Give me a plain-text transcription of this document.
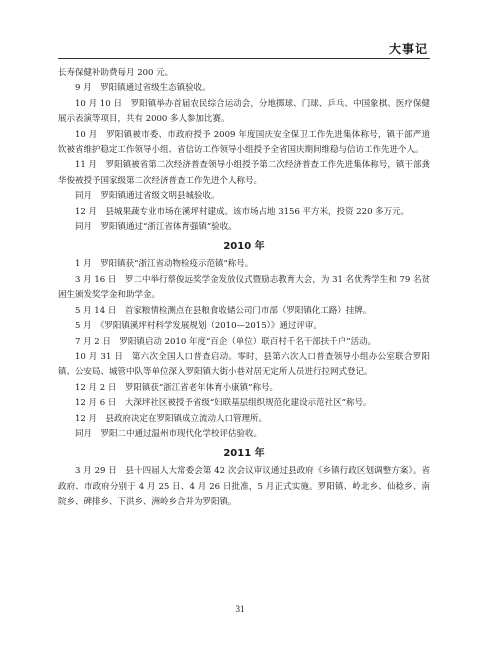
大事记

长寿保健补助费每月 200 元。

9 月　罗阳镇通过省级生态镇验收。

10 月 10 日　罗阳镇举办首届农民综合运动会，分地掷球、门球、乒乓、中国象棋、医疗保健展示表演等项目，共有 2000 多人参加比赛。

10 月　罗阳镇被市委、市政府授予 2009 年度国庆安全保卫工作先进集体称号，镇干部严道钦被省维护稳定工作领导小组、省信访工作领导小组授予全省国庆期间维稳与信访工作先进个人。

11 月　罗阳镇被省第二次经济普查领导小组授予第二次经济普查工作先进集体称号，镇干部龚华俊被授予国家级第二次经济普查工作先进个人称号。

同月　罗阳镇通过省级文明县城验收。

12 月　县城果蔬专业市场在溪坪村建成。该市场占地 3156 平方米，投资 220 多万元。

同月　罗阳镇通过“浙江省体育强镇”验收。

2010 年

1 月　罗阳镇获“浙江省动物检疫示范镇”称号。

3 月 16 日　罗二中举行蔡俊远奖学金发放仪式暨励志教育大会，为 31 名优秀学生和 79 名贫困生颁发奖学金和助学金。

5 月 14 日　首家粮情检测点在县粮食收储公司门市部（罗阳镇化工路）挂牌。

5 月　《罗阳镇溪坪村科学发展规划（2010—2015）》通过评审。

7 月 2 日　罗阳镇启动 2010 年度“百企（单位）联百村千名干部扶千户”活动。

10 月 31 日　第六次全国人口普查启动。零时，县第六次人口普查领导小组办公室联合罗阳镇、公安局、城管中队等单位深入罗阳镇大街小巷对居无定所人员进行拉网式登记。

12 月 2 日　罗阳镇获“浙江省老年体育小康镇”称号。

12 月 6 日　大深坪社区被授予省级“妇联基层组织规范化建设示范社区”称号。

12 月　县政府决定在罗阳镇成立流动人口管理所。

同月　罗阳二中通过温州市现代化学校评估验收。

2011 年

3 月 29 日　县十四届人大常委会第 42 次会议审议通过县政府《乡镇行政区划调整方案》。省政府、市政府分别于 4 月 25 日、4 月 26 日批准，5 月正式实施。罗阳镇、岭北乡、仙稔乡、南院乡、碑排乡、下洪乡、洲岭乡合并为罗阳镇。

31
